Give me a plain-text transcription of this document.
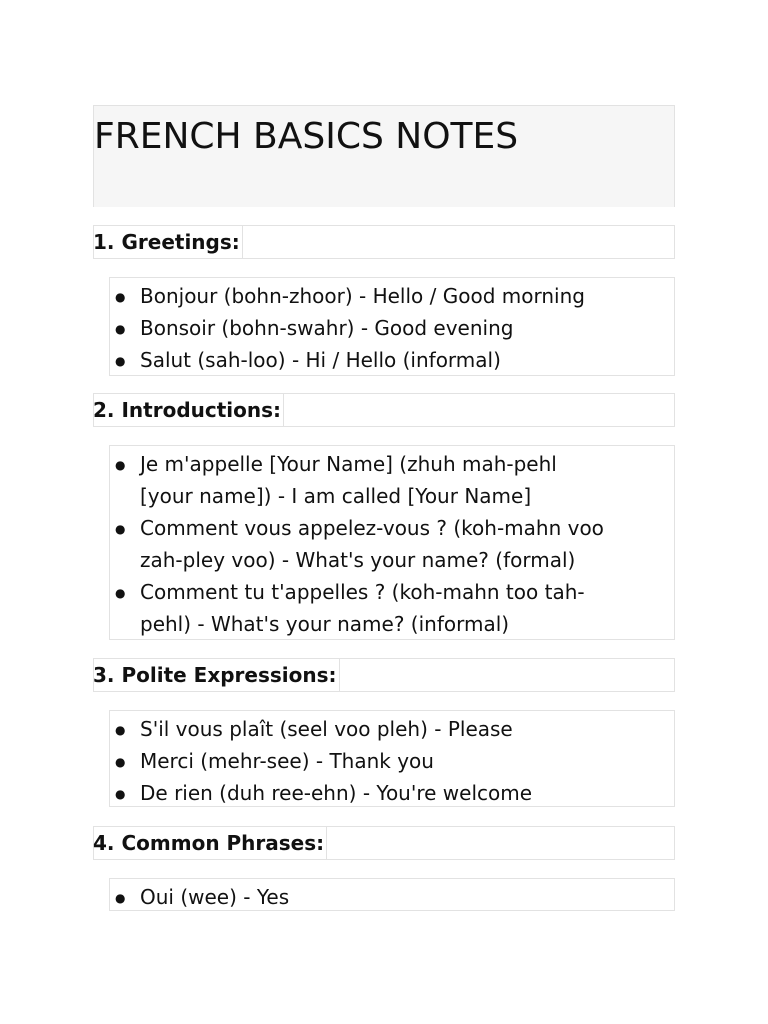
FRENCH BASICS NOTES
1. Greetings:
● Bonjour (bohn-zhoor) - Hello / Good morning
● Bonsoir (bohn-swahr) - Good evening
● Salut (sah-loo) - Hi / Hello (informal)
2. Introductions:
● Je m'appelle [Your Name] (zhuh mah-pehl
[your name]) - I am called [Your Name]
● Comment vous appelez-vous ? (koh-mahn voo
zah-pley voo) - What's your name? (formal)
● Comment tu t'appelles ? (koh-mahn too tah-
pehl) - What's your name? (informal)
3. Polite Expressions:
● S'il vous plaît (seel voo pleh) - Please
● Merci (mehr-see) - Thank you
● De rien (duh ree-ehn) - You're welcome
4. Common Phrases:
● Oui (wee) - Yes
